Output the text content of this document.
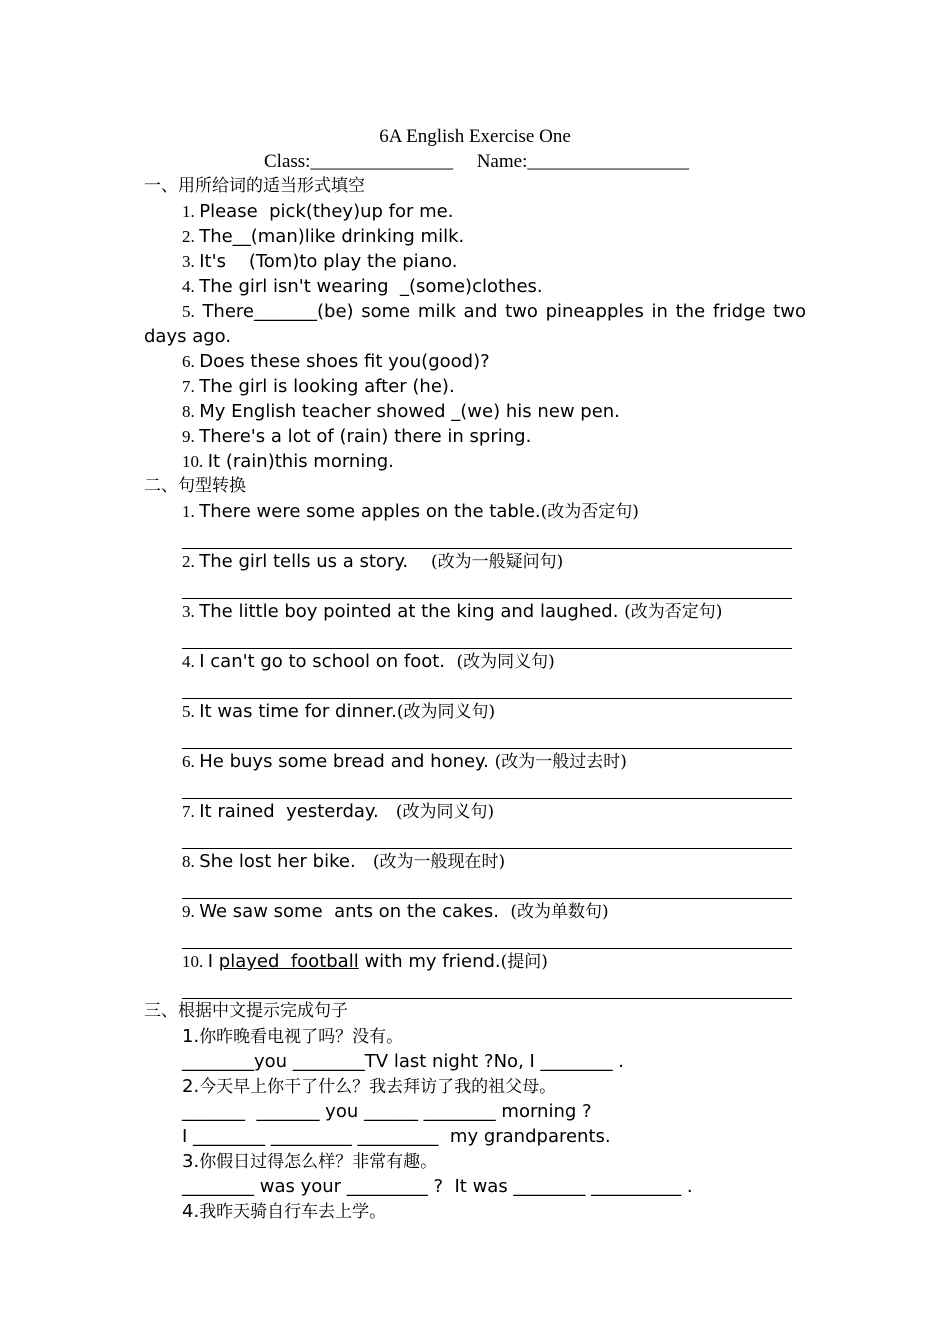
6A English Exercise One
Class:_______________     Name:_________________
一、用所给词的适当形式填空
1. Please  pick(they)up for me.
2. The__(man)like drinking milk.
3. It's    (Tom)to play the piano.
4. The girl isn't wearing  _(some)clothes.
5. There_______(be) some milk and two pineapples in the fridge two days ago.
6. Does these shoes fit you(good)?
7. The girl is looking after (he).
8. My English teacher showed _(we) his new pen.
9. There's a lot of (rain) there in spring.
10. It (rain)this morning.
二、句型转换
1. There were some apples on the table.(改为否定句)
2. The girl tells us a story.    (改为一般疑问句)
3. The little boy pointed at the king and laughed. (改为否定句)
4. I can't go to school on foot.  (改为同义句)
5. It was time for dinner.(改为同义句)
6. He buys some bread and honey. (改为一般过去时)
7. It rained  yesterday.   (改为同义句)
8. She lost her bike.   (改为一般现在时)
9. We saw some  ants on the cakes.  (改为单数句)
10. I played  football with my friend.(提问)
三、根据中文提示完成句子
1.你昨晚看电视了吗？没有。
________you ________TV last night ?No, I ________ .
2.今天早上你干了什么？我去拜访了我的祖父母。
_______  _______ you ______ ________ morning ?
I ________ _________ _________  my grandparents.
3.你假日过得怎么样？非常有趣。
________ was your _________ ?  It was ________ __________ .
4.我昨天骑自行车去上学。
